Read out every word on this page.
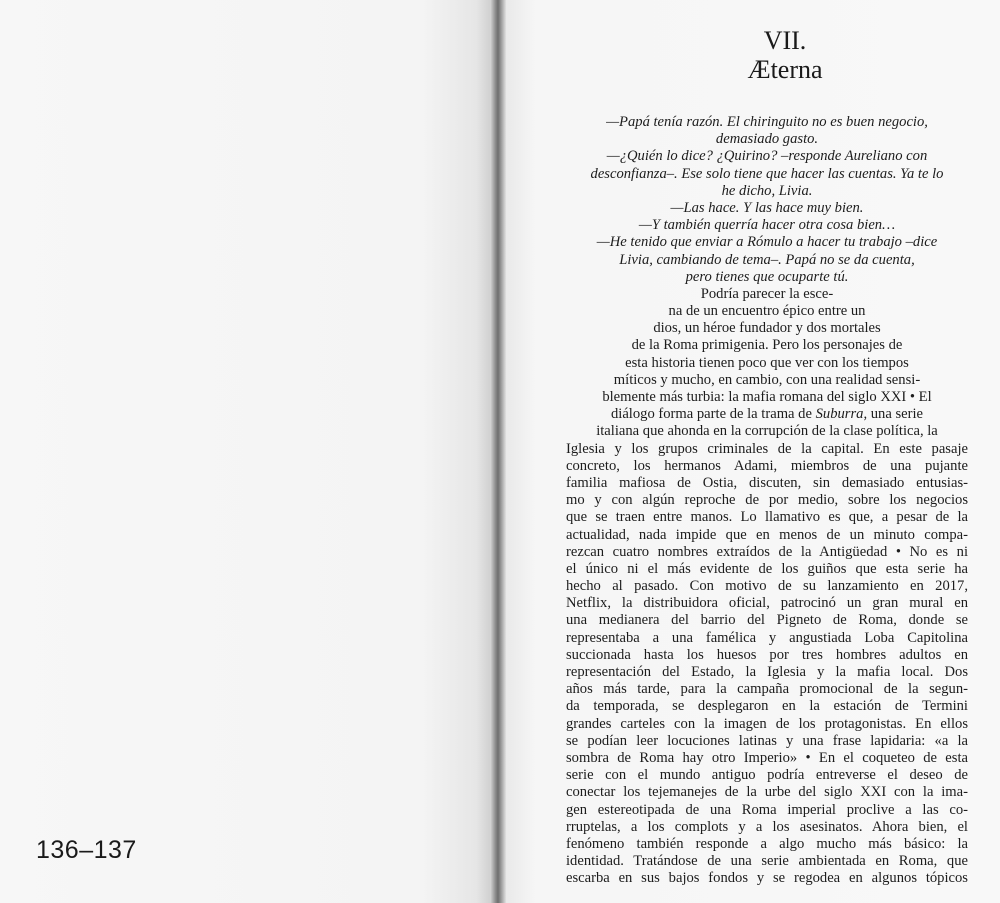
136–137
VII.
Æterna
—Papá tenía razón. El chiringuito no es buen negocio,
demasiado gasto.
—¿Quién lo dice? ¿Quirino? –responde Aureliano con
desconfianza–. Ese solo tiene que hacer las cuentas. Ya te lo
he dicho, Livia.
—Las hace. Y las hace muy bien.
—Y también querría hacer otra cosa bien…
—He tenido que enviar a Rómulo a hacer tu trabajo –dice
Livia, cambiando de tema–. Papá no se da cuenta,
pero tienes que ocuparte tú.
Podría parecer la esce-
na de un encuentro épico entre un
dios, un héroe fundador y dos mortales
de la Roma primigenia. Pero los personajes de
esta historia tienen poco que ver con los tiempos
míticos y mucho, en cambio, con una realidad sensi-
blemente más turbia: la mafia romana del siglo XXI • El
diálogo forma parte de la trama de Suburra, una serie
italiana que ahonda en la corrupción de la clase política, la
Iglesia y los grupos criminales de la capital. En este pasaje
concreto, los hermanos Adami, miembros de una pujante
familia mafiosa de Ostia, discuten, sin demasiado entusias-
mo y con algún reproche de por medio, sobre los negocios
que se traen entre manos. Lo llamativo es que, a pesar de la
actualidad, nada impide que en menos de un minuto compa-
rezcan cuatro nombres extraídos de la Antigüedad • No es ni
el único ni el más evidente de los guiños que esta serie ha
hecho al pasado. Con motivo de su lanzamiento en 2017,
Netflix, la distribuidora oficial, patrocinó un gran mural en
una medianera del barrio del Pigneto de Roma, donde se
representaba a una famélica y angustiada Loba Capitolina
succionada hasta los huesos por tres hombres adultos en
representación del Estado, la Iglesia y la mafia local. Dos
años más tarde, para la campaña promocional de la segun-
da temporada, se desplegaron en la estación de Termini
grandes carteles con la imagen de los protagonistas. En ellos
se podían leer locuciones latinas y una frase lapidaria: «a la
sombra de Roma hay otro Imperio» • En el coqueteo de esta
serie con el mundo antiguo podría entreverse el deseo de
conectar los tejemanejes de la urbe del siglo XXI con la ima-
gen estereotipada de una Roma imperial proclive a las co-
rruptelas, a los complots y a los asesinatos. Ahora bien, el
fenómeno también responde a algo mucho más básico: la
identidad. Tratándose de una serie ambientada en Roma, que
escarba en sus bajos fondos y se regodea en algunos tópicos
